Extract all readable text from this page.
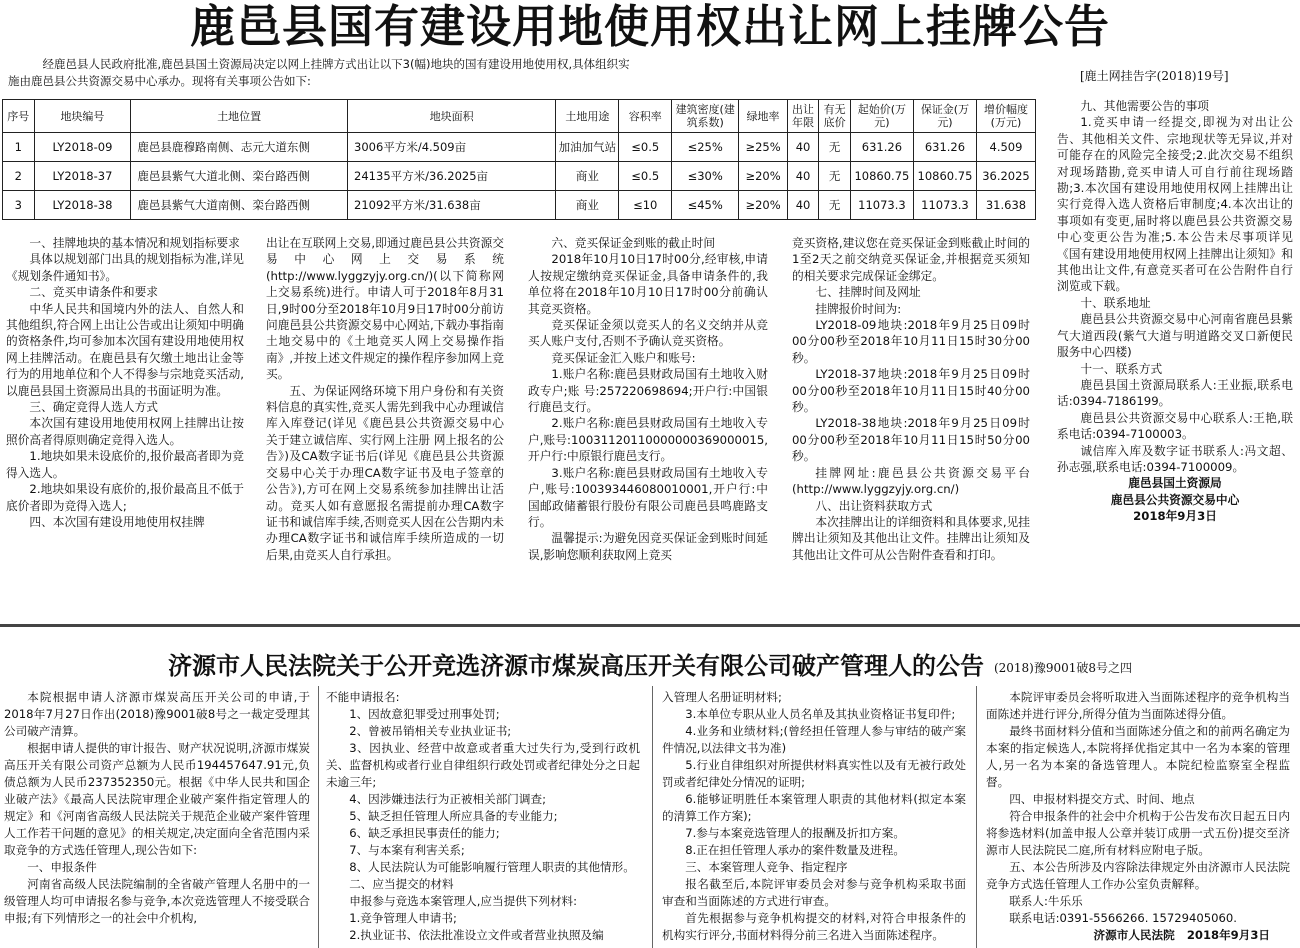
鹿邑县国有建设用地使用权出让网上挂牌公告

经鹿邑县人民政府批准,鹿邑县国土资源局决定以网上挂牌方式出让以下3(幅)地块的国有建设用地使用权,具体组织实

施由鹿邑县公共资源交易中心承办。现将有关事项公告如下:	[鹿土网挂告字(2018)19号]
序号	地块编号	土地位置	地块面积	土地用途	容积率	建筑密度(建筑系数)	绿地率	出让年限	有无底价	起始价(万元)	保证金(万元)	增价幅度(万元)
1	LY2018-09	鹿邑县鹿穆路南侧、志元大道东侧	3006平方米/4.509亩	加油加气站	≤0.5	≤25%	≥25%	40	无	631.26	631.26	4.509
2	LY2018-37	鹿邑县紫气大道北侧、栾台路西侧	24135平方米/36.2025亩	商业	≤0.5	≤30%	≥20%	40	无	10860.75	10860.75	36.2025
3	LY2018-38	鹿邑县紫气大道南侧、栾台路西侧	21092平方米/31.638亩	商业	≤10	≤45%	≥20%	40	无	11073.3	11073.3	31.638

一、挂牌地块的基本情况和规划指标要求

具体以规划部门出具的规划指标为准,详见《规划条件通知书》。

二、竞买申请条件和要求

中华人民共和国境内外的法人、自然人和其他组织,符合网上出让公告或出让须知中明确的资格条件,均可参加本次国有建设用地使用权网上挂牌活动。在鹿邑县有欠缴土地出让金等行为的用地单位和个人不得参与宗地竞买活动,以鹿邑县国土资源局出具的书面证明为准。

三、确定竞得人选人方式

本次国有建设用地使用权网上挂牌出让按照价高者得原则确定竞得入选人。

1.地块如果未设底价的,报价最高者即为竞得入选人。

2.地块如果设有底价的,报价最高且不低于底价者即为竞得入选人;

四、本次国有建设用地使用权挂牌

出让在互联网上交易,即通过鹿邑县公共资源交易中心网上交易系统(http://www.lyggzyjy.org.cn/)(以下简称网上交易系统)进行。申请人可于2018年8月31日,9时00分至2018年10月9日17时00分前访问鹿邑县公共资源交易中心网站,下载办事指南土地交易中的《土地竞买人网上交易操作指南》,并按上述文件规定的操作程序参加网上竞买。

五、为保证网络环境下用户身份和有关资料信息的真实性,竞买人需先到我中心办理诚信库入库登记(详见《鹿邑县公共资源交易中心关于建立诚信库、实行网上注册 网上报名的公告》)及CA数字证书后(详见《鹿邑县公共资源交易中心关于办理CA数字证书及电子签章的公告》),方可在网上交易系统参加挂牌出让活动。竞买人如有意愿报名需提前办理CA数字证书和诚信库手续,否则竞买人因在公告期内未办理CA数字证书和诚信库手续所造成的一切后果,由竞买人自行承担。

六、竞买保证金到账的截止时间

2018年10月10日17时00分,经审核,申请人按规定缴纳竞买保证金,具备申请条件的,我单位将在2018年10月10日17时00分前确认其竞买资格。

竞买保证金须以竞买人的名义交纳并从竞买人账户支付,否则不予确认竞买资格。

竞买保证金汇入账户和账号:

1.账户名称:鹿邑县财政局国有土地收入财政专户;账 号:257220698694;开户行:中国银行鹿邑支行。

2.账户名称:鹿邑县财政局国有土地收入专户,账号:10031120110000000369000015,开户行:中原银行鹿邑支行。

3.账户名称:鹿邑县财政局国有土地收入专户,账号:100393446080010001,开户行:中国邮政储蓄银行股份有限公司鹿邑县鸣鹿路支行。

温馨提示:为避免因竞买保证金到账时间延误,影响您顺利获取网上竞买

竞买资格,建议您在竞买保证金到账截止时间的1至2天之前交纳竞买保证金,并根据竞买须知的相关要求完成保证金绑定。

七、挂牌时间及网址

挂牌报价时间为:

LY2018-09地块:2018年9月25日09时00分00秒至2018年10月11日15时30分00秒。

LY2018-37地块:2018年9月25日09时00分00秒至2018年10月11日15时40分00秒。

LY2018-38地块:2018年9月25日09时00分00秒至2018年10月11日15时50分00秒。

挂牌网址:鹿邑县公共资源交易平台(http://www.lyggzyjy.org.cn/)

八、出让资料获取方式

本次挂牌出让的详细资料和具体要求,见挂牌出让须知及其他出让文件。挂牌出让须知及其他出让文件可从公告附件查看和打印。

九、其他需要公告的事项

1.竞买申请一经提交,即视为对出让公告、其他相关文件、宗地现状等无异议,并对可能存在的风险完全接受;2.此次交易不组织对现场踏勘,竞买申请人可自行前往现场踏勘;3.本次国有建设用地使用权网上挂牌出让实行竞得入选人资格后审制度;4.本次出让的事项如有变更,届时将以鹿邑县公共资源交易中心变更公告为准;5.本公告未尽事项详见《国有建设用地使用权网上挂牌出让须知》和其他出让文件,有意竞买者可在公告附件自行浏览或下载。

十、联系地址

鹿邑县公共资源交易中心河南省鹿邑县紫气大道西段(紫气大道与明道路交叉口新便民服务中心四楼)

十一、联系方式

鹿邑县国土资源局联系人:王业振,联系电话:0394-7186199。

鹿邑县公共资源交易中心联系人:王艳,联系电话:0394-7100003。

诚信库入库及数字证书联系人:冯文超、孙志强,联系电话:0394-7100009。

鹿邑县国土资源局
鹿邑县公共资源交易中心
2018年9月3日
济源市人民法院关于公开竞选济源市煤炭高压开关有限公司破产管理人的公告 (2018)豫9001破8号之四

本院根据申请人济源市煤炭高压开关公司的申请,于2018年7月27日作出(2018)豫9001破8号之一裁定受理其公司破产清算。

根据申请人提供的审计报告、财产状况说明,济源市煤炭高压开关有限公司资产总额为人民币194457647.91元,负债总额为人民币237352350元。根据《中华人民共和国企业破产法》《最高人民法院审理企业破产案件指定管理人的规定》和《河南省高级人民法院关于规范企业破产案件管理人工作若干问题的意见》的相关规定,决定面向全省范围内采取竞争的方式选任管理人,现公告如下:

一、申报条件

河南省高级人民法院编制的全省破产管理人名册中的一级管理人均可申请报名参与竞争,本次竞选管理人不接受联合申报;有下列情形之一的社会中介机构,

不能申请报名:

1、因故意犯罪受过刑事处罚;

2、曾被吊销相关专业执业证书;

3、因执业、经营中故意或者重大过失行为,受到行政机关、监督机构或者行业自律组织行政处罚或者纪律处分之日起未逾三年;

4、因涉嫌违法行为正被相关部门调查;

5、缺乏担任管理人所应具备的专业能力;

6、缺乏承担民事责任的能力;

7、与本案有利害关系;

8、人民法院认为可能影响履行管理人职责的其他情形。

二、应当提交的材料

申报参与竞选本案管理人,应当提供下列材料:

1.竞争管理人申请书;

2.执业证书、依法批准设立文件或者营业执照及编

入管理人名册证明材料;

3.本单位专职从业人员名单及其执业资格证书复印件;

4.业务和业绩材料;(曾经担任管理人参与审结的破产案件情况,以法律文书为准)

5.行业自律组织对所提供材料真实性以及有无被行政处罚或者纪律处分情况的证明;

6.能够证明胜任本案管理人职责的其他材料(拟定本案的清算工作方案);

7.参与本案竞选管理人的报酬及折扣方案。

8.正在担任管理人承办的案件数量及进程。

三、本案管理人竞争、指定程序

报名截至后,本院评审委员会对参与竞争机构采取书面审查和当面陈述的方式进行审查。

首先根据参与竞争机构提交的材料,对符合申报条件的机构实行评分,书面材料得分前三名进入当面陈述程序。

本院评审委员会将听取进入当面陈述程序的竞争机构当面陈述并进行评分,所得分值为当面陈述得分值。

最终书面材料分值和当面陈述分值之和的前两名确定为本案的指定候选人,本院将择优指定其中一名为本案的管理人,另一名为本案的备选管理人。本院纪检监察室全程监督。

四、申报材料提交方式、时间、地点

符合申报条件的社会中介机构于公告发布次日起五日内将参选材料(加盖申报人公章并装订成册一式五份)提交至济源市人民法院民二庭,所有材料应附电子版。

五、本公告所涉及内容除法律规定外由济源市人民法院竞争方式选任管理人工作办公室负责解释。

联系人:牛乐乐

联系电话:0391-5566266. 15729405060.

济源市人民法院 2018年9月3日
